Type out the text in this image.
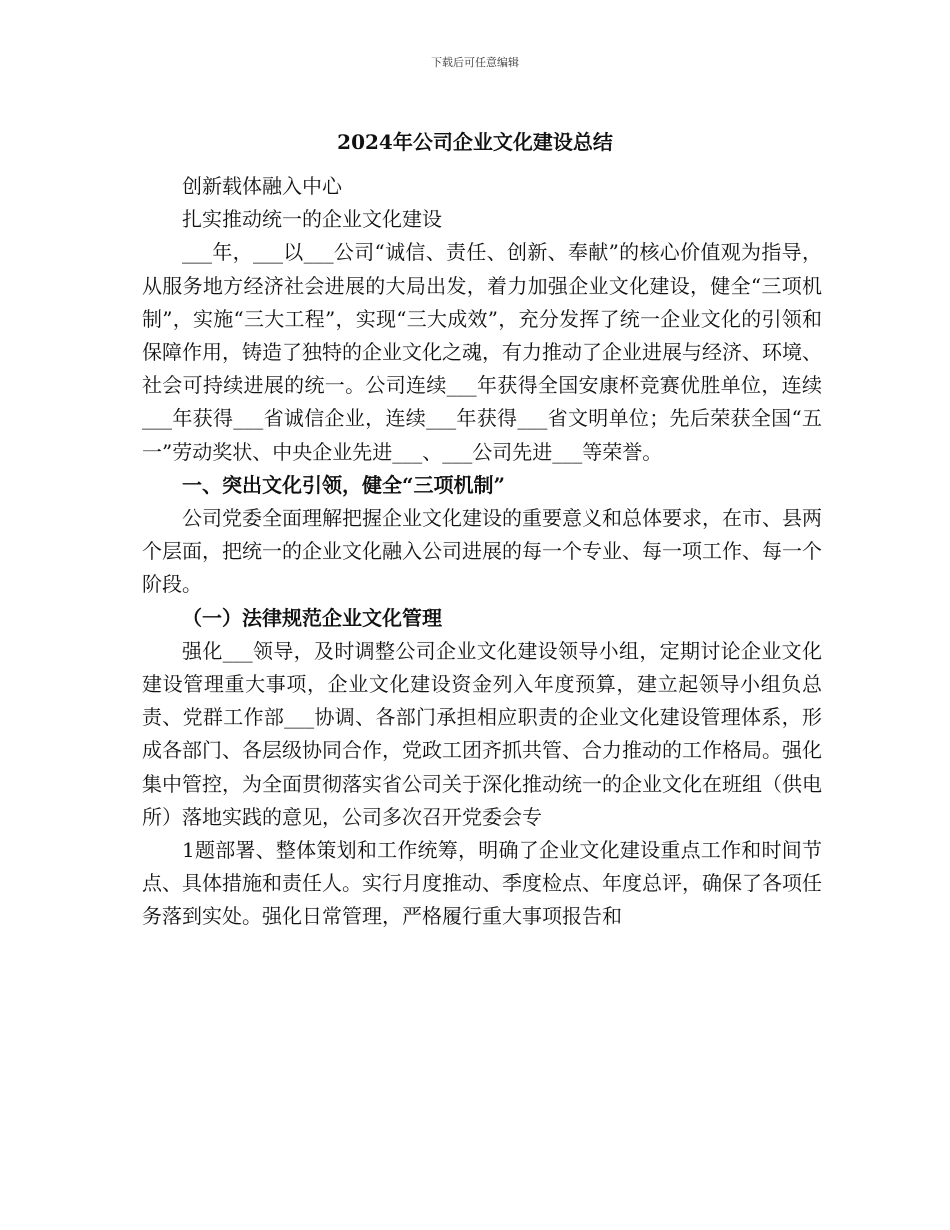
下载后可任意编辑
2024年公司企业文化建设总结

创新载体融入中心

扎实推动统一的企业文化建设

___年，___以___公司“诚信、责任、创新、奉献”的核心价值观为指导，从服务地方经济社会进展的大局出发，着力加强企业文化建设，健全“三项机制”，实施“三大工程”，实现“三大成效”，充分发挥了统一企业文化的引领和保障作用，铸造了独特的企业文化之魂，有力推动了企业进展与经济、环境、社会可持续进展的统一。公司连续___年获得全国安康杯竞赛优胜单位，连续___年获得___省诚信企业，连续___年获得___省文明单位；先后荣获全国“五一”劳动奖状、中央企业先进___、___公司先进___等荣誉。

一、突出文化引领，健全“三项机制”

公司党委全面理解把握企业文化建设的重要意义和总体要求，在市、县两个层面，把统一的企业文化融入公司进展的每一个专业、每一项工作、每一个阶段。

（一）法律规范企业文化管理

强化___领导，及时调整公司企业文化建设领导小组，定期讨论企业文化建设管理重大事项，企业文化建设资金列入年度预算，建立起领导小组负总责、党群工作部___协调、各部门承担相应职责的企业文化建设管理体系，形成各部门、各层级协同合作，党政工团齐抓共管、合力推动的工作格局。强化集中管控，为全面贯彻落实省公司关于深化推动统一的企业文化在班组（供电所）落地实践的意见，公司多次召开党委会专

1题部署、整体策划和工作统筹，明确了企业文化建设重点工作和时间节点、具体措施和责任人。实行月度推动、季度检点、年度总评，确保了各项任务落到实处。强化日常管理，严格履行重大事项报告和
